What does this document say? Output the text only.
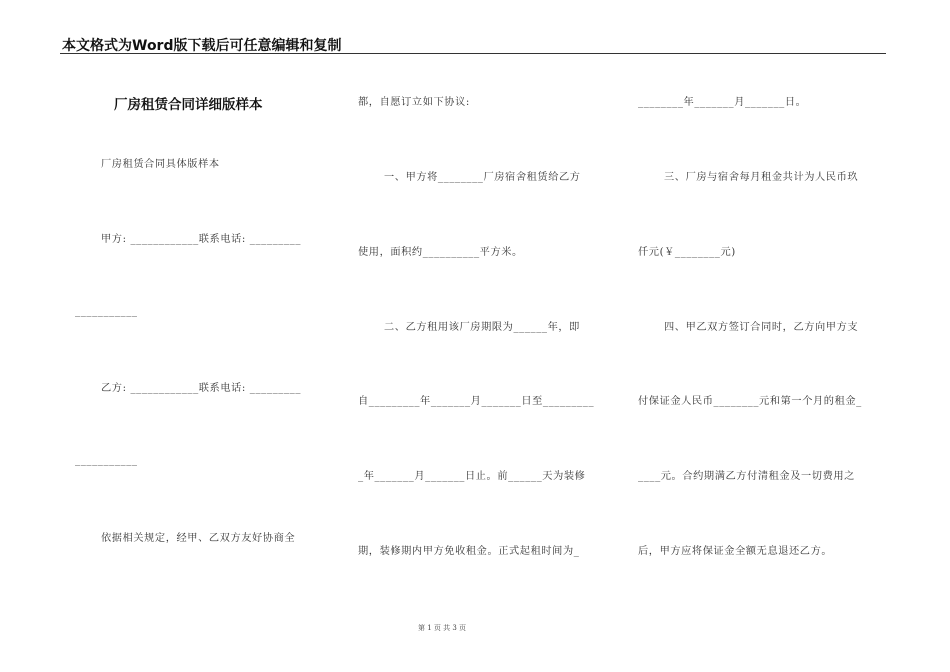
本文格式为Word版下载后可任意编辑和复制
厂房租赁合同详细版样本
厂房租赁合同具体版样本
甲方: ____________联系电话: _________
___________
乙方: ____________联系电话: _________
___________
依据相关规定，经甲、乙双方友好协商全
都，自愿订立如下协议:
一、甲方将________厂房宿舍租赁给乙方
使用，面积约__________平方米。
二、乙方租用该厂房期限为______年，即
自_________年_______月_______日至_________
_年_______月_______日止。前______天为装修
期，装修期内甲方免收租金。正式起租时间为_
________年_______月_______日。
三、厂房与宿舍每月租金共计为人民币玖
仟元(￥________元)
四、甲乙双方签订合同时，乙方向甲方支
付保证金人民币________元和第一个月的租金_
____元。合约期满乙方付清租金及一切费用之
后，甲方应将保证金全额无息退还乙方。
第 1 页 共 3 页
